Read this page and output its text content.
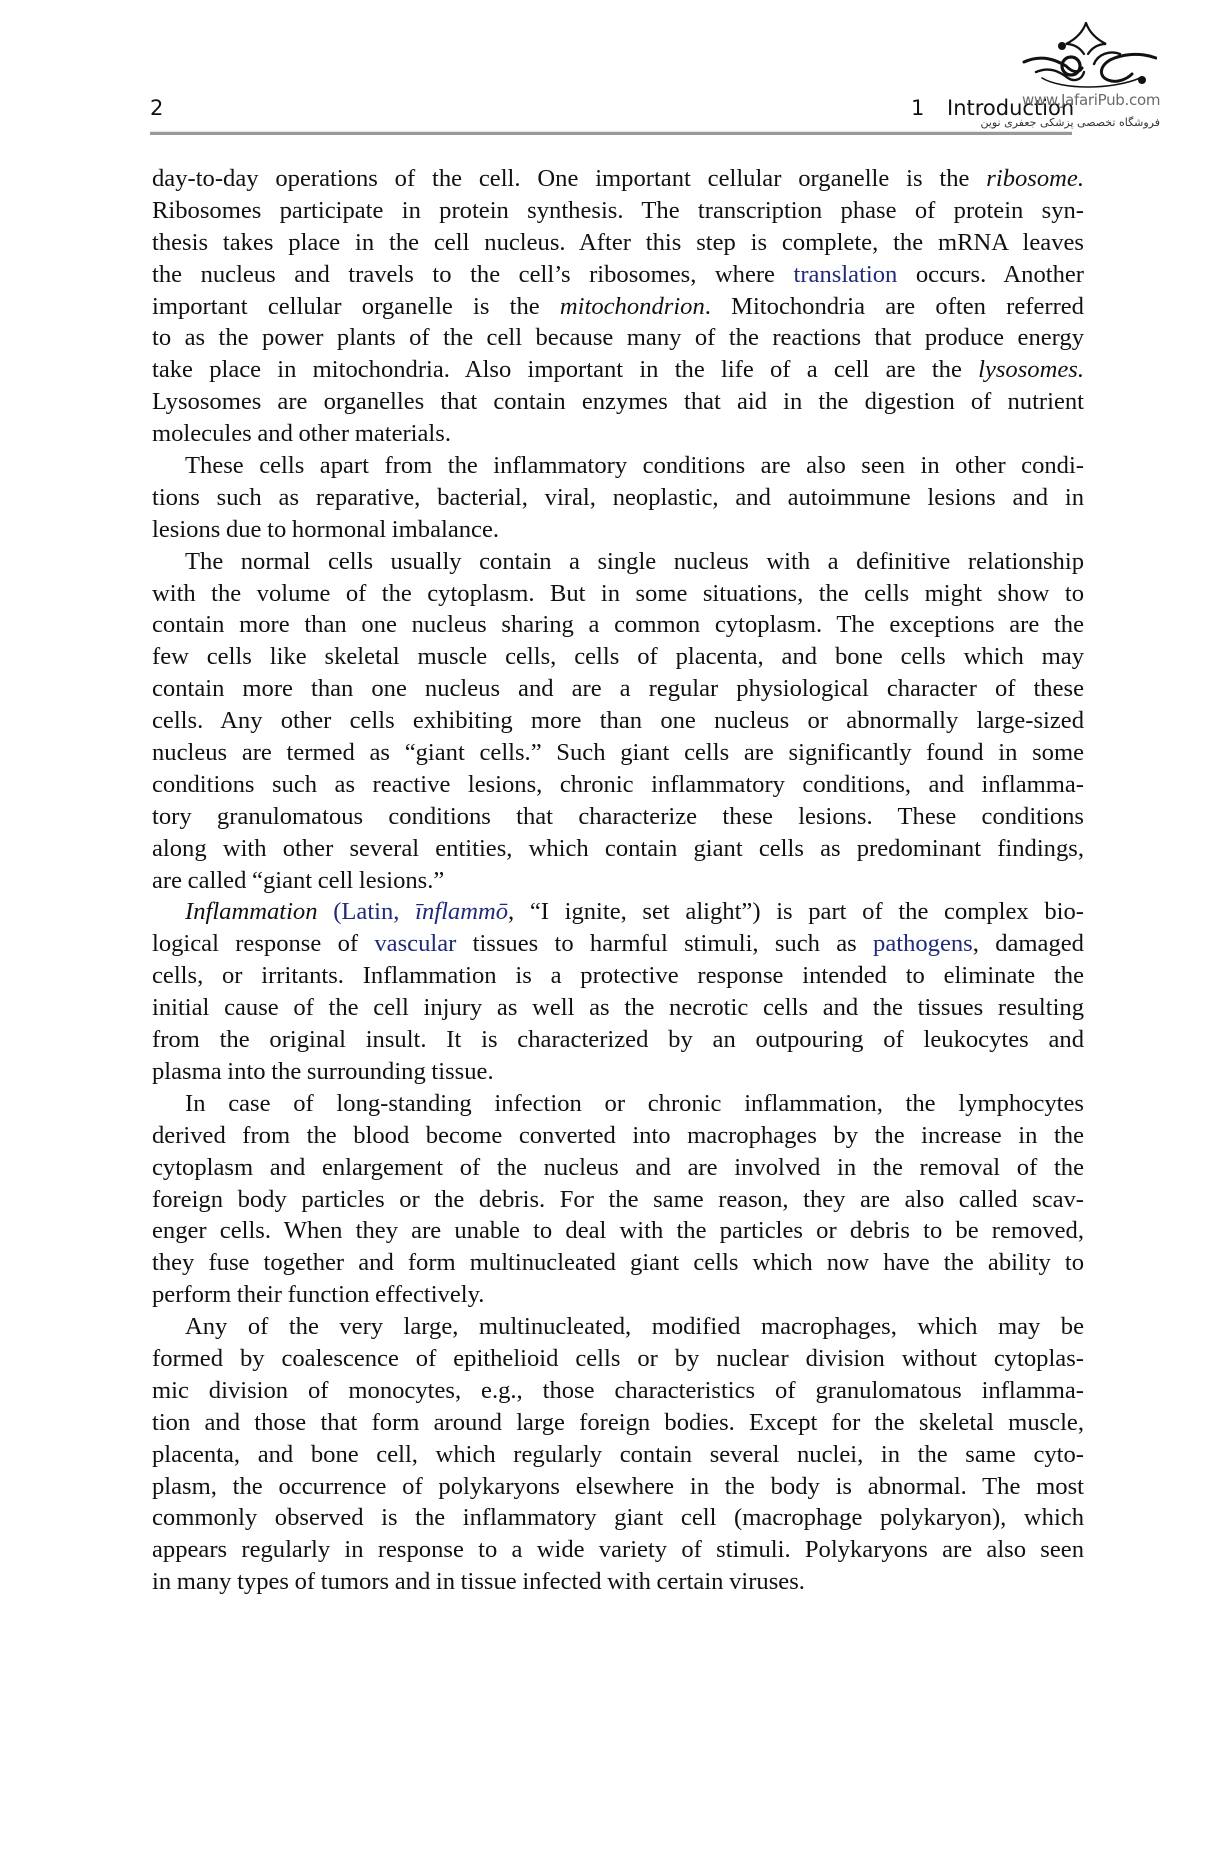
2	1 Introduction
www.JafariPub.com
فروشگاه تخصصی پزشکی جعفری نوین
day-to-day operations of the cell. One important cellular organelle is the ribosome.
Ribosomes participate in protein synthesis. The transcription phase of protein syn-
thesis takes place in the cell nucleus. After this step is complete, the mRNA leaves
the nucleus and travels to the cell’s ribosomes, where translation occurs. Another
important cellular organelle is the mitochondrion. Mitochondria are often referred
to as the power plants of the cell because many of the reactions that produce energy
take place in mitochondria. Also important in the life of a cell are the lysosomes.
Lysosomes are organelles that contain enzymes that aid in the digestion of nutrient
molecules and other materials.
These cells apart from the inflammatory conditions are also seen in other condi-
tions such as reparative, bacterial, viral, neoplastic, and autoimmune lesions and in
lesions due to hormonal imbalance.
The normal cells usually contain a single nucleus with a definitive relationship
with the volume of the cytoplasm. But in some situations, the cells might show to
contain more than one nucleus sharing a common cytoplasm. The exceptions are the
few cells like skeletal muscle cells, cells of placenta, and bone cells which may
contain more than one nucleus and are a regular physiological character of these
cells. Any other cells exhibiting more than one nucleus or abnormally large-sized
nucleus are termed as “giant cells.” Such giant cells are significantly found in some
conditions such as reactive lesions, chronic inflammatory conditions, and inflamma-
tory granulomatous conditions that characterize these lesions. These conditions
along with other several entities, which contain giant cells as predominant findings,
are called “giant cell lesions.”
Inflammation (Latin, īnflammō, “I ignite, set alight”) is part of the complex bio-
logical response of vascular tissues to harmful stimuli, such as pathogens, damaged
cells, or irritants. Inflammation is a protective response intended to eliminate the
initial cause of the cell injury as well as the necrotic cells and the tissues resulting
from the original insult. It is characterized by an outpouring of leukocytes and
plasma into the surrounding tissue.
In case of long-standing infection or chronic inflammation, the lymphocytes
derived from the blood become converted into macrophages by the increase in the
cytoplasm and enlargement of the nucleus and are involved in the removal of the
foreign body particles or the debris. For the same reason, they are also called scav-
enger cells. When they are unable to deal with the particles or debris to be removed,
they fuse together and form multinucleated giant cells which now have the ability to
perform their function effectively.
Any of the very large, multinucleated, modified macrophages, which may be
formed by coalescence of epithelioid cells or by nuclear division without cytoplas-
mic division of monocytes, e.g., those characteristics of granulomatous inflamma-
tion and those that form around large foreign bodies. Except for the skeletal muscle,
placenta, and bone cell, which regularly contain several nuclei, in the same cyto-
plasm, the occurrence of polykaryons elsewhere in the body is abnormal. The most
commonly observed is the inflammatory giant cell (macrophage polykaryon), which
appears regularly in response to a wide variety of stimuli. Polykaryons are also seen
in many types of tumors and in tissue infected with certain viruses.
